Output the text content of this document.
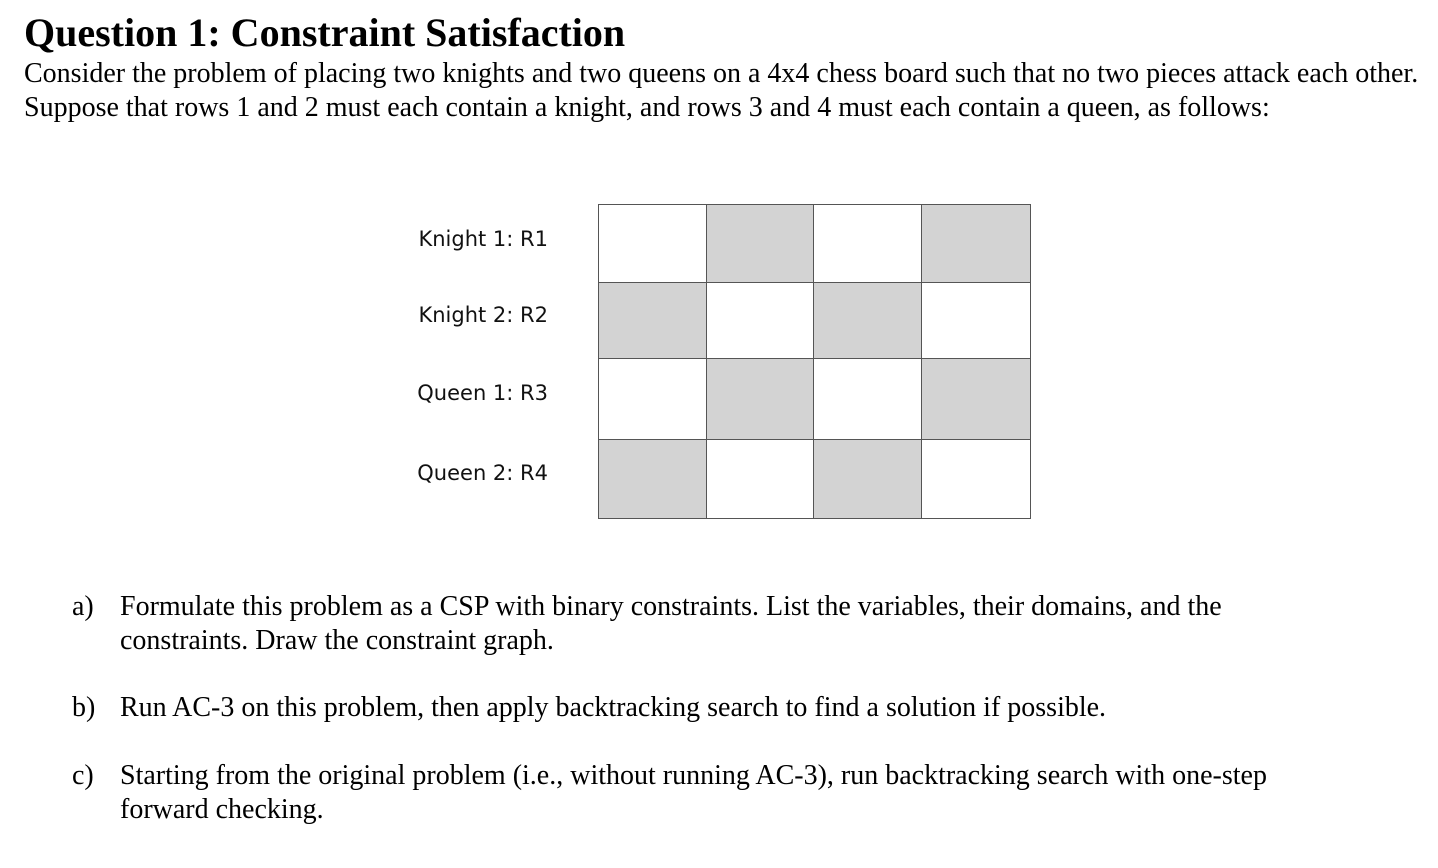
Question 1: Constraint Satisfaction

Consider the problem of placing two knights and two queens on a 4x4 chess board such that no two pieces attack each other. Suppose that rows 1 and 2 must each contain a knight, and rows 3 and 4 must each contain a queen, as follows:

Knight 1: R1
Knight 2: R2
Queen 1: R3
Queen 2: R4
a) Formulate this problem as a CSP with binary constraints. List the variables, their domains, and the constraints. Draw the constraint graph.
b) Run AC-3 on this problem, then apply backtracking search to find a solution if possible.
c) Starting from the original problem (i.e., without running AC-3), run backtracking search with one-step forward checking.
